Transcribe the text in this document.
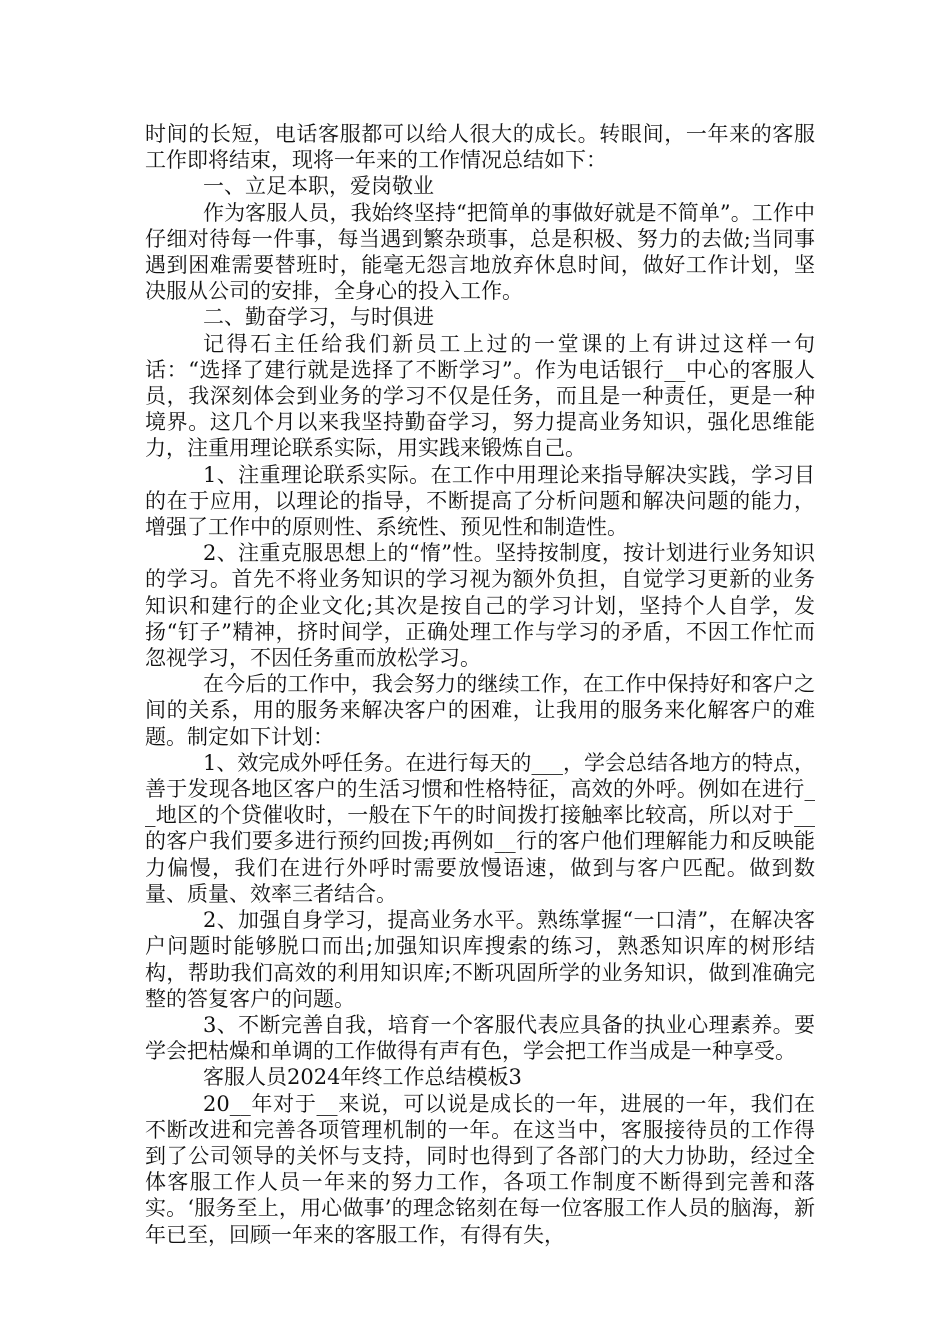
时间的长短，电话客服都可以给人很大的成长。转眼间，一年来的客服工作即将结束，现将一年来的工作情况总结如下：

一、立足本职，爱岗敬业

作为客服人员，我始终坚持“把简单的事做好就是不简单”。工作中仔细对待每一件事，每当遇到繁杂琐事，总是积极、努力的去做;当同事遇到困难需要替班时，能毫无怨言地放弃休息时间，做好工作计划，坚决服从公司的安排，全身心的投入工作。

二、勤奋学习，与时俱进

记得石主任给我们新员工上过的一堂课的上有讲过这样一句话：“选择了建行就是选择了不断学习”。作为电话银行__中心的客服人员，我深刻体会到业务的学习不仅是任务，而且是一种责任，更是一种境界。这几个月以来我坚持勤奋学习，努力提高业务知识，强化思维能力，注重用理论联系实际，用实践来锻炼自己。

1、注重理论联系实际。在工作中用理论来指导解决实践，学习目的在于应用，以理论的指导，不断提高了分析问题和解决问题的能力，增强了工作中的原则性、系统性、预见性和制造性。

2、注重克服思想上的“惰”性。坚持按制度，按计划进行业务知识的学习。首先不将业务知识的学习视为额外负担，自觉学习更新的业务知识和建行的企业文化;其次是按自己的学习计划，坚持个人自学，发扬“钉子”精神，挤时间学，正确处理工作与学习的矛盾，不因工作忙而忽视学习，不因任务重而放松学习。

在今后的工作中，我会努力的继续工作，在工作中保持好和客户之间的关系，用的服务来解决客户的困难，让我用的服务来化解客户的难题。制定如下计划：

1、效完成外呼任务。在进行每天的___，学会总结各地方的特点，善于发现各地区客户的生活习惯和性格特征，高效的外呼。例如在进行__地区的个贷催收时，一般在下午的时间拨打接触率比较高，所以对于__的客户我们要多进行预约回拨;再例如__行的客户他们理解能力和反映能力偏慢，我们在进行外呼时需要放慢语速，做到与客户匹配。做到数量、质量、效率三者结合。

2、加强自身学习，提高业务水平。熟练掌握“一口清”，在解决客户问题时能够脱口而出;加强知识库搜索的练习，熟悉知识库的树形结构，帮助我们高效的利用知识库;不断巩固所学的业务知识，做到准确完整的答复客户的问题。

3、不断完善自我，培育一个客服代表应具备的执业心理素养。要学会把枯燥和单调的工作做得有声有色，学会把工作当成是一种享受。

客服人员2024年终工作总结模板3

20__年对于__来说，可以说是成长的一年，进展的一年，我们在不断改进和完善各项管理机制的一年。在这当中，客服接待员的工作得到了公司领导的关怀与支持，同时也得到了各部门的大力协助，经过全体客服工作人员一年来的努力工作，各项工作制度不断得到完善和落实。‘服务至上，用心做事’的理念铭刻在每一位客服工作人员的脑海，新年已至，回顾一年来的客服工作，有得有失，
